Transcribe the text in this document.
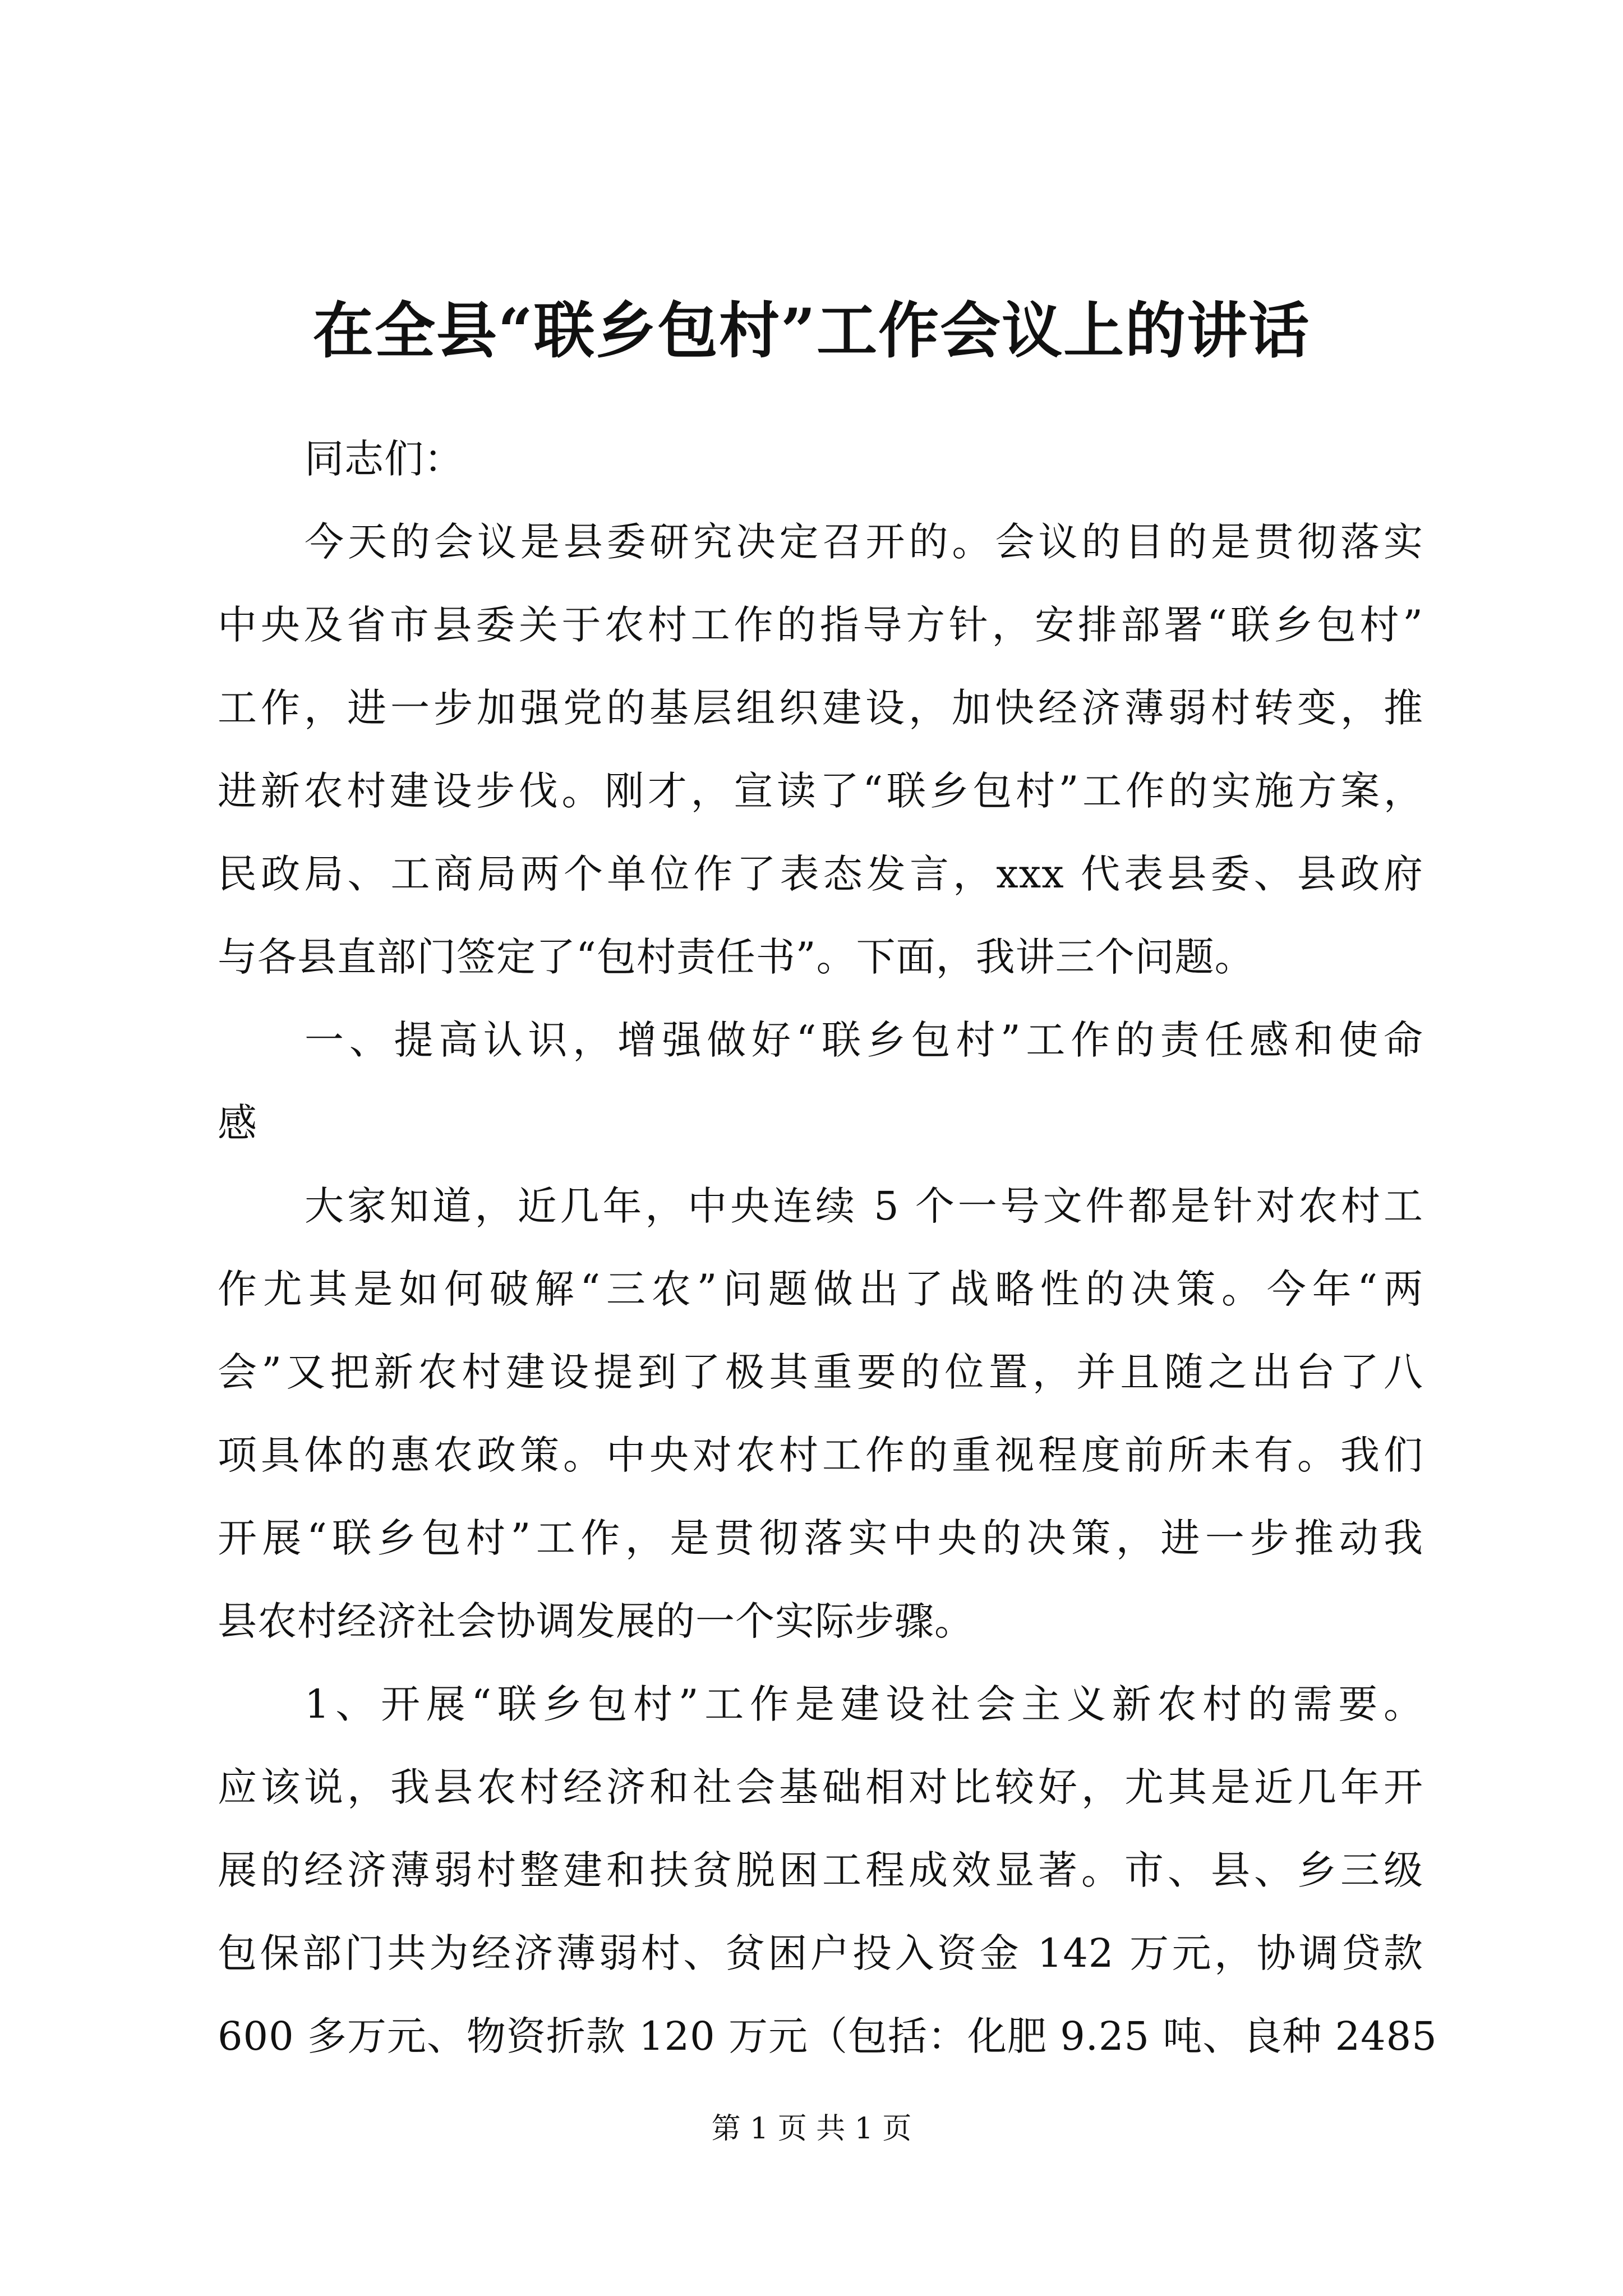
在全县“联乡包村”工作会议上的讲话
同志们：
今天的会议是县委研究决定召开的。会议的目的是贯彻落实
中央及省市县委关于农村工作的指导方针，安排部署“联乡包村”
工作，进一步加强党的基层组织建设，加快经济薄弱村转变，推
进新农村建设步伐。刚才，宣读了“联乡包村”工作的实施方案，
民政局、工商局两个单位作了表态发言，xxx 代表县委、县政府
与各县直部门签定了“包村责任书”。下面，我讲三个问题。
一、提高认识，增强做好“联乡包村”工作的责任感和使命
感
大家知道，近几年，中央连续 5 个一号文件都是针对农村工
作尤其是如何破解“三农”问题做出了战略性的决策。今年“两
会”又把新农村建设提到了极其重要的位置，并且随之出台了八
项具体的惠农政策。中央对农村工作的重视程度前所未有。我们
开展“联乡包村”工作，是贯彻落实中央的决策，进一步推动我
县农村经济社会协调发展的一个实际步骤。
1、开展“联乡包村”工作是建设社会主义新农村的需要。
应该说，我县农村经济和社会基础相对比较好，尤其是近几年开
展的经济薄弱村整建和扶贫脱困工程成效显著。市、县、乡三级
包保部门共为经济薄弱村、贫困户投入资金 142 万元，协调贷款
600 多万元、物资折款 120 万元（包括：化肥 9.25 吨、良种 2485
第 1 页 共 1 页
